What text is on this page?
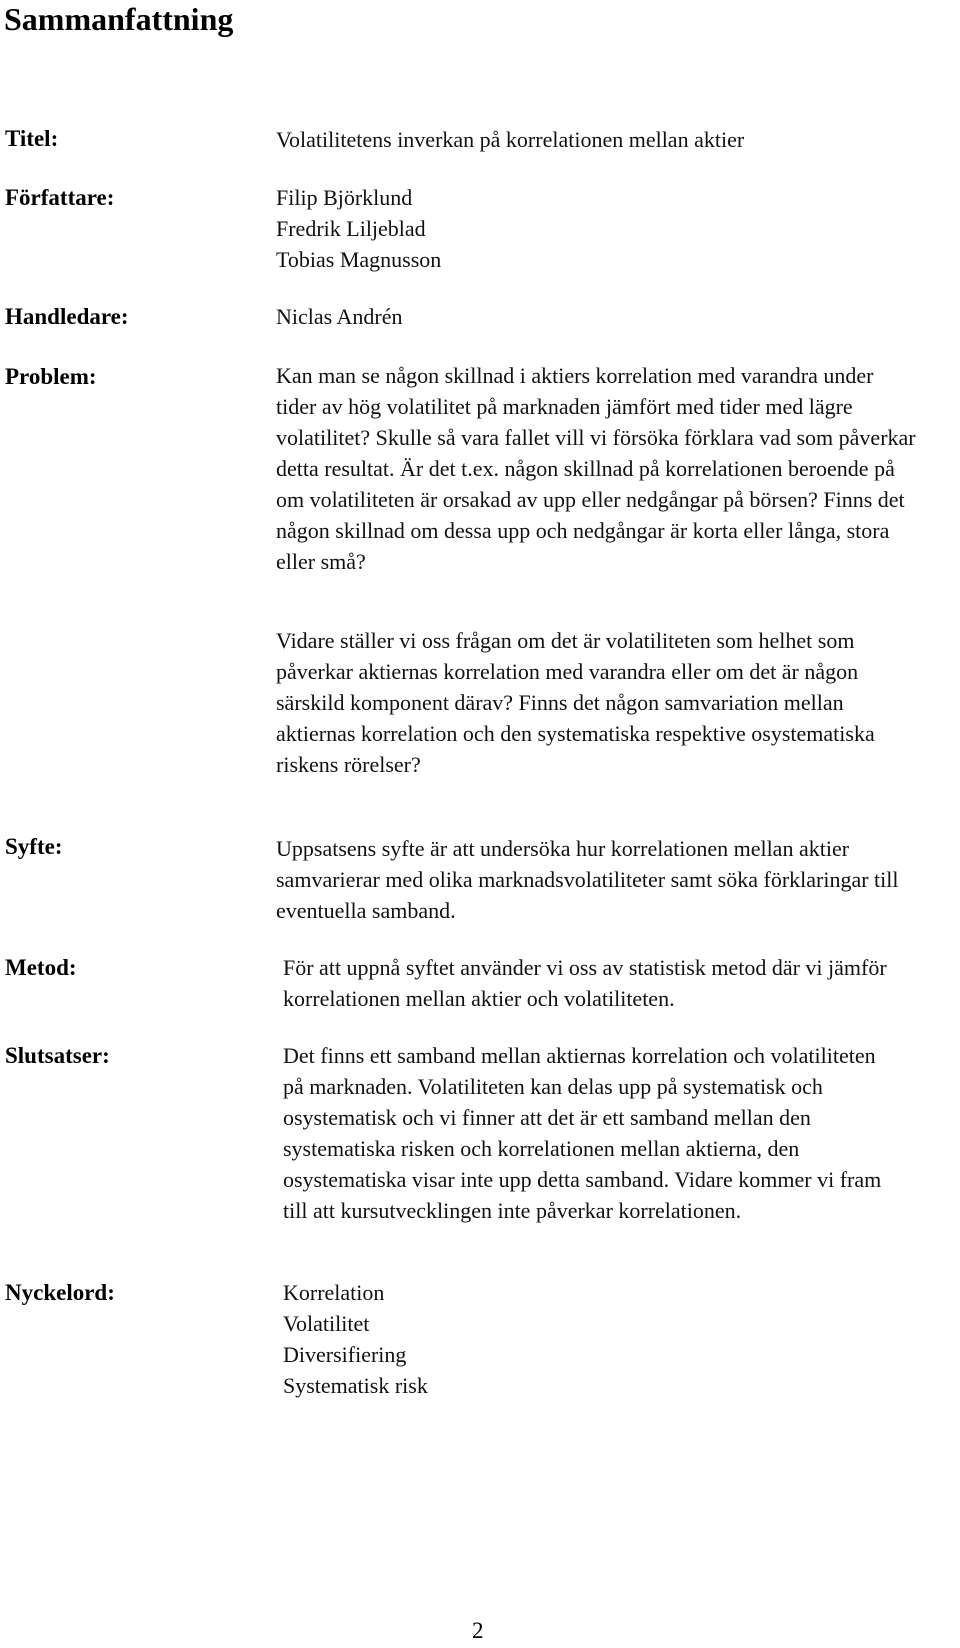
Sammanfattning
Titel:	Volatilitetens inverkan på korrelationen mellan aktier
Författare:	Filip Björklund
Fredrik Liljeblad
Tobias Magnusson
Handledare:	Niclas Andrén
Problem:	Kan man se någon skillnad i aktiers korrelation med varandra under tider av hög volatilitet på marknaden jämfört med tider med lägre volatilitet? Skulle så vara fallet vill vi försöka förklara vad som påverkar detta resultat. Är det t.ex. någon skillnad på korrelationen beroende på om volatiliteten är orsakad av upp eller nedgångar på börsen? Finns det någon skillnad om dessa upp och nedgångar är korta eller långa, stora eller små?
Vidare ställer vi oss frågan om det är volatiliteten som helhet som påverkar aktiernas korrelation med varandra eller om det är någon särskild komponent därav? Finns det någon samvariation mellan aktiernas korrelation och den systematiska respektive osystematiska riskens rörelser?
Syfte:	Uppsatsens syfte är att undersöka hur korrelationen mellan aktier samvarierar med olika marknadsvolatiliteter samt söka förklaringar till eventuella samband.
Metod:	För att uppnå syftet använder vi oss av statistisk metod där vi jämför korrelationen mellan aktier och volatiliteten.
Slutsatser:	Det finns ett samband mellan aktiernas korrelation och volatiliteten på marknaden. Volatiliteten kan delas upp på systematisk och osystematisk och vi finner att det är ett samband mellan den systematiska risken och korrelationen mellan aktierna, den osystematiska visar inte upp detta samband. Vidare kommer vi fram till att kursutvecklingen inte påverkar korrelationen.
Nyckelord:	Korrelation
Volatilitet
Diversifiering
Systematisk risk
2
